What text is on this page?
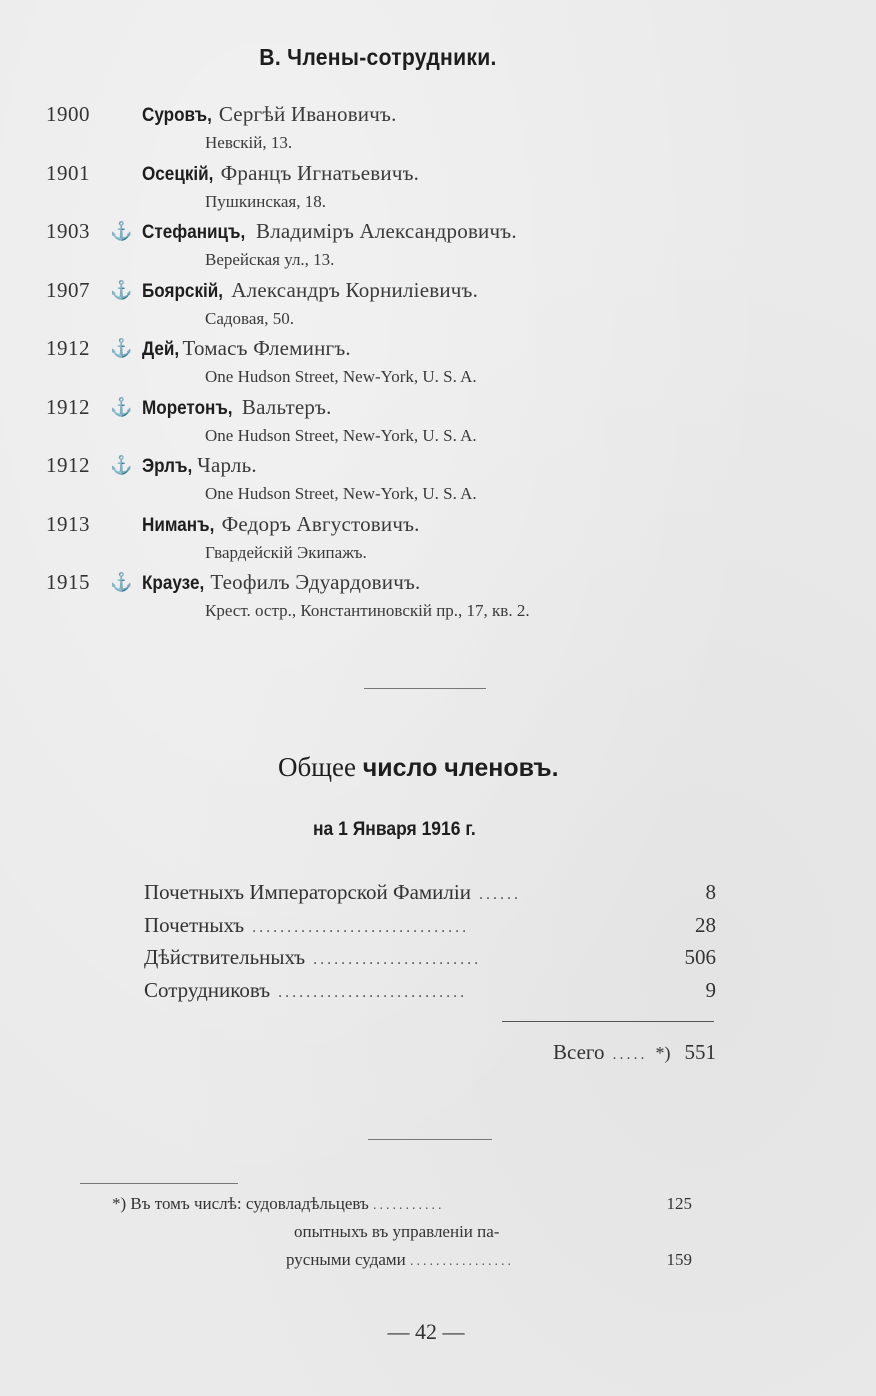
В. Члены-сотрудники.
1900	Суровъ, Сергѣй Ивановичъ.
Невскій, 13.
1901	Осецкій, Францъ Игнатьевичъ.
Пушкинская, 18.
1903 ⚓ Стефаницъ, Владиміръ Александровичъ.
Верейская ул., 13.
1907 ⚓ Боярскій, Александръ Корниліевичъ.
Садовая, 50.
1912 ⚓ Дей, Томасъ Флемингъ.
One Hudson Street, New-York, U. S. A.
1912 ⚓ Моретонъ, Вальтеръ.
One Hudson Street, New-York, U. S. A.
1912 ⚓ Эрлъ, Чарль.
One Hudson Street, New-York, U. S. A.
1913	Ниманъ, Федоръ Августовичъ.
Гвардейскій Экипажъ.
1915 ⚓ Краузе, Теофилъ Эдуардовичъ.
Крест. остр., Константиновскій пр., 17, кв. 2.
Общее число членовъ.
на 1 Января 1916 г.
Почетныхъ Императорской Фамиліи ......	8
Почетныхъ ...............................	28
Дѣйствительныхъ ........................	506
Сотрудниковъ ...........................	9
Всего ..... *) 551
*) Въ томъ числѣ: судовладѣльцевъ ...........	125
опытныхъ въ управленіи па-
русными судами ................	159
— 42 —
